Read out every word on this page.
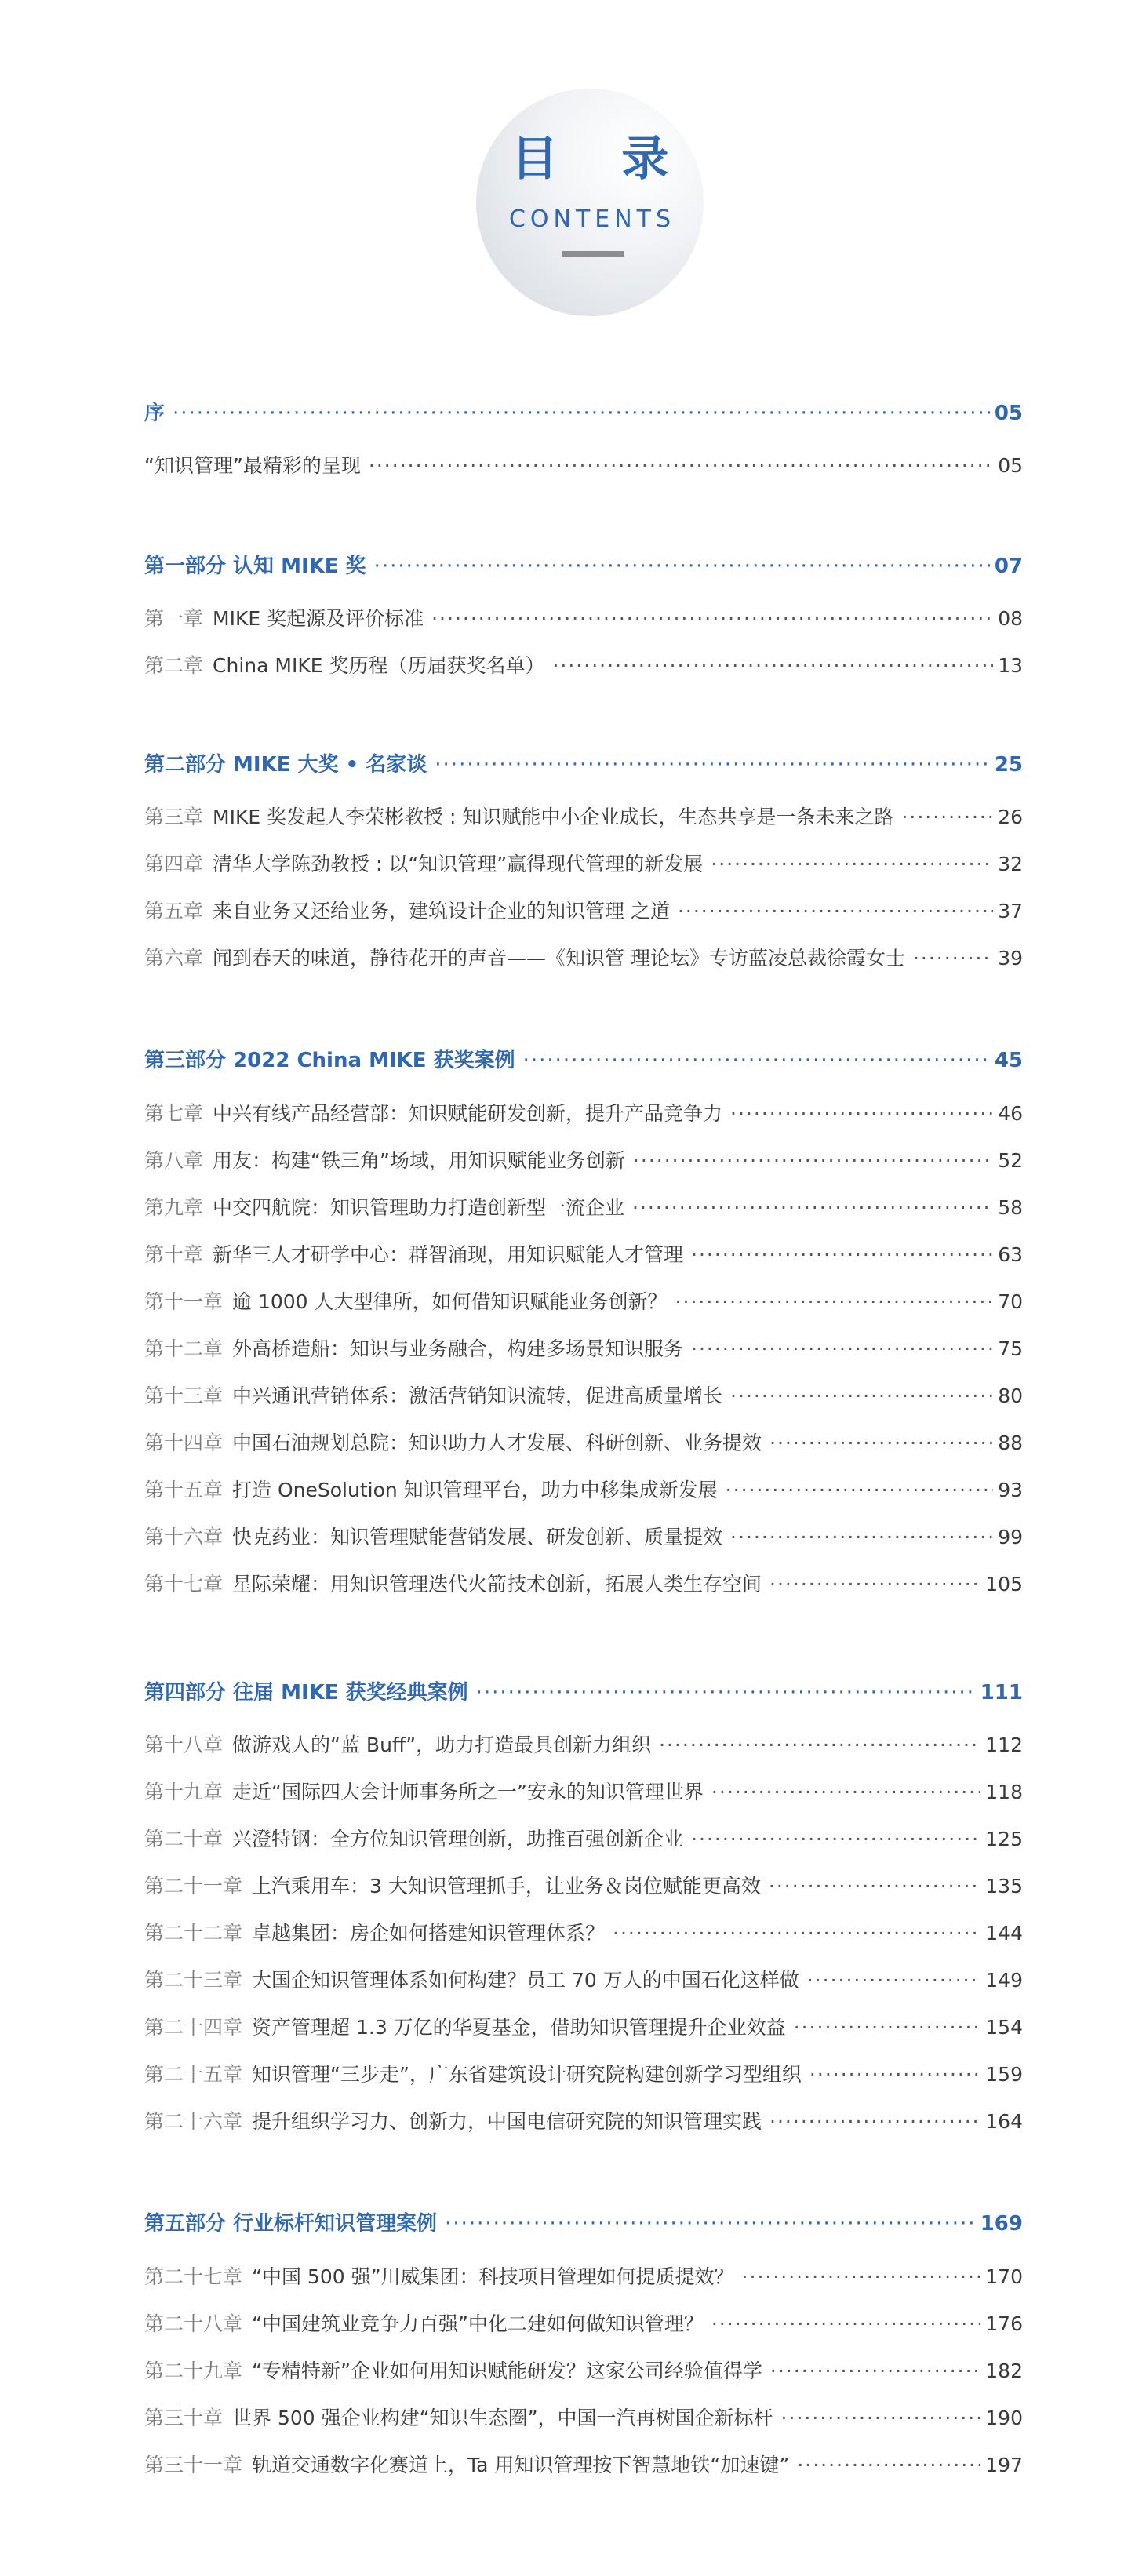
目 录
CONTENTS
序 ·····	05
“知识管理”最精彩的呈现 ·····	05
第一部分 认知 MIKE 奖 ·····	07
第一章 MIKE 奖起源及评价标准 ·····	08
第二章 China MIKE 奖历程（历届获奖名单） ·····	13
第二部分 MIKE 大奖 • 名家谈 ·····	25
第三章 MIKE 奖发起人李荣彬教授 : 知识赋能中小企业成长，生态共享是一条未来之路 ·····	26
第四章 清华大学陈劲教授 : 以“知识管理”赢得现代管理的新发展 ·····	32
第五章 来自业务又还给业务，建筑设计企业的知识管理 之道 ·····	37
第六章 闻到春天的味道，静待花开的声音——《知识管 理论坛》专访蓝凌总裁徐霞女士 ·····	39
第三部分 2022 China MIKE 获奖案例 ·····	45
第七章 中兴有线产品经营部：知识赋能研发创新，提升产品竞争力 ·····	46
第八章 用友：构建“铁三角”场域，用知识赋能业务创新 ·····	52
第九章 中交四航院：知识管理助力打造创新型一流企业 ·····	58
第十章 新华三人才研学中心：群智涌现，用知识赋能人才管理 ·····	63
第十一章 逾 1000 人大型律所，如何借知识赋能业务创新？ ·····	70
第十二章 外高桥造船：知识与业务融合，构建多场景知识服务 ·····	75
第十三章 中兴通讯营销体系：激活营销知识流转，促进高质量增长 ·····	80
第十四章 中国石油规划总院：知识助力人才发展、科研创新、业务提效 ·····	88
第十五章 打造 OneSolution 知识管理平台，助力中移集成新发展 ·····	93
第十六章 快克药业：知识管理赋能营销发展、研发创新、质量提效 ·····	99
第十七章 星际荣耀：用知识管理迭代火箭技术创新，拓展人类生存空间 ·····	105
第四部分 往届 MIKE 获奖经典案例 ·····	111
第十八章 做游戏人的“蓝 Buff”，助力打造最具创新力组织 ·····	112
第十九章 走近“国际四大会计师事务所之一”安永的知识管理世界 ·····	118
第二十章 兴澄特钢：全方位知识管理创新，助推百强创新企业 ·····	125
第二十一章 上汽乘用车：3 大知识管理抓手，让业务＆岗位赋能更高效 ·····	135
第二十二章 卓越集团：房企如何搭建知识管理体系？ ·····	144
第二十三章 大国企知识管理体系如何构建？员工 70 万人的中国石化这样做 ·····	149
第二十四章 资产管理超 1.3 万亿的华夏基金，借助知识管理提升企业效益 ·····	154
第二十五章 知识管理“三步走”，广东省建筑设计研究院构建创新学习型组织 ·····	159
第二十六章 提升组织学习力、创新力，中国电信研究院的知识管理实践 ·····	164
第五部分 行业标杆知识管理案例 ·····	169
第二十七章 “中国 500 强”川威集团：科技项目管理如何提质提效？ ·····	170
第二十八章 “中国建筑业竞争力百强”中化二建如何做知识管理？ ·····	176
第二十九章 “专精特新”企业如何用知识赋能研发？这家公司经验值得学 ·····	182
第三十章 世界 500 强企业构建“知识生态圈”，中国一汽再树国企新标杆 ·····	190
第三十一章 轨道交通数字化赛道上，Ta 用知识管理按下智慧地铁“加速键” ·····	197
